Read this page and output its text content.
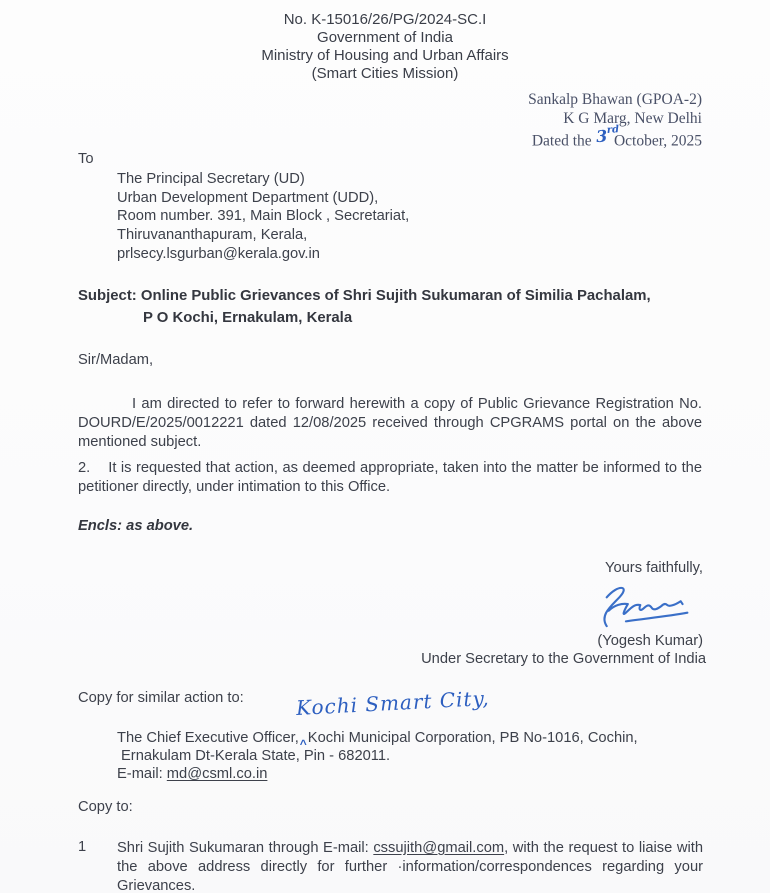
No. K-15016/26/PG/2024-SC.I
Government of India
Ministry of Housing and Urban Affairs
(Smart Cities Mission)
Sankalp Bhawan (GPOA-2)
K G Marg, New Delhi
Dated the 3rd October, 2025
To
The Principal Secretary (UD)
Urban Development Department (UDD),
Room number. 391, Main Block , Secretariat,
Thiruvananthapuram, Kerala,
prlsecy.lsgurban@kerala.gov.in
Subject: Online Public Grievances of Shri Sujith Sukumaran of Similia Pachalam,
P O Kochi, Ernakulam, Kerala
Sir/Madam,
I am directed to refer to forward herewith a copy of Public Grievance Registration No. DOURD/E/2025/0012221 dated 12/08/2025 received through CPGRAMS portal on the above mentioned subject.
2. It is requested that action, as deemed appropriate, taken into the matter be informed to the petitioner directly, under intimation to this Office.
Encls: as above.
Yours faithfully,
(Yogesh Kumar)
Under Secretary to the Government of India
Copy for similar action to:	Kochi Smart City,
The Chief Executive $Officer,_{\^{}}Kochi$ Municipal Corporation, PB No-1016, Cochin,
Ernakulam Dt-Kerala State, Pin - 682011.
E-mail: md@csml.co.in
Copy to:
1 Shri Sujith Sukumaran through E-mail: cssujith@gmail.com, with the request to liaise with the above address directly for further ·information/correspondences regarding your Grievances.
